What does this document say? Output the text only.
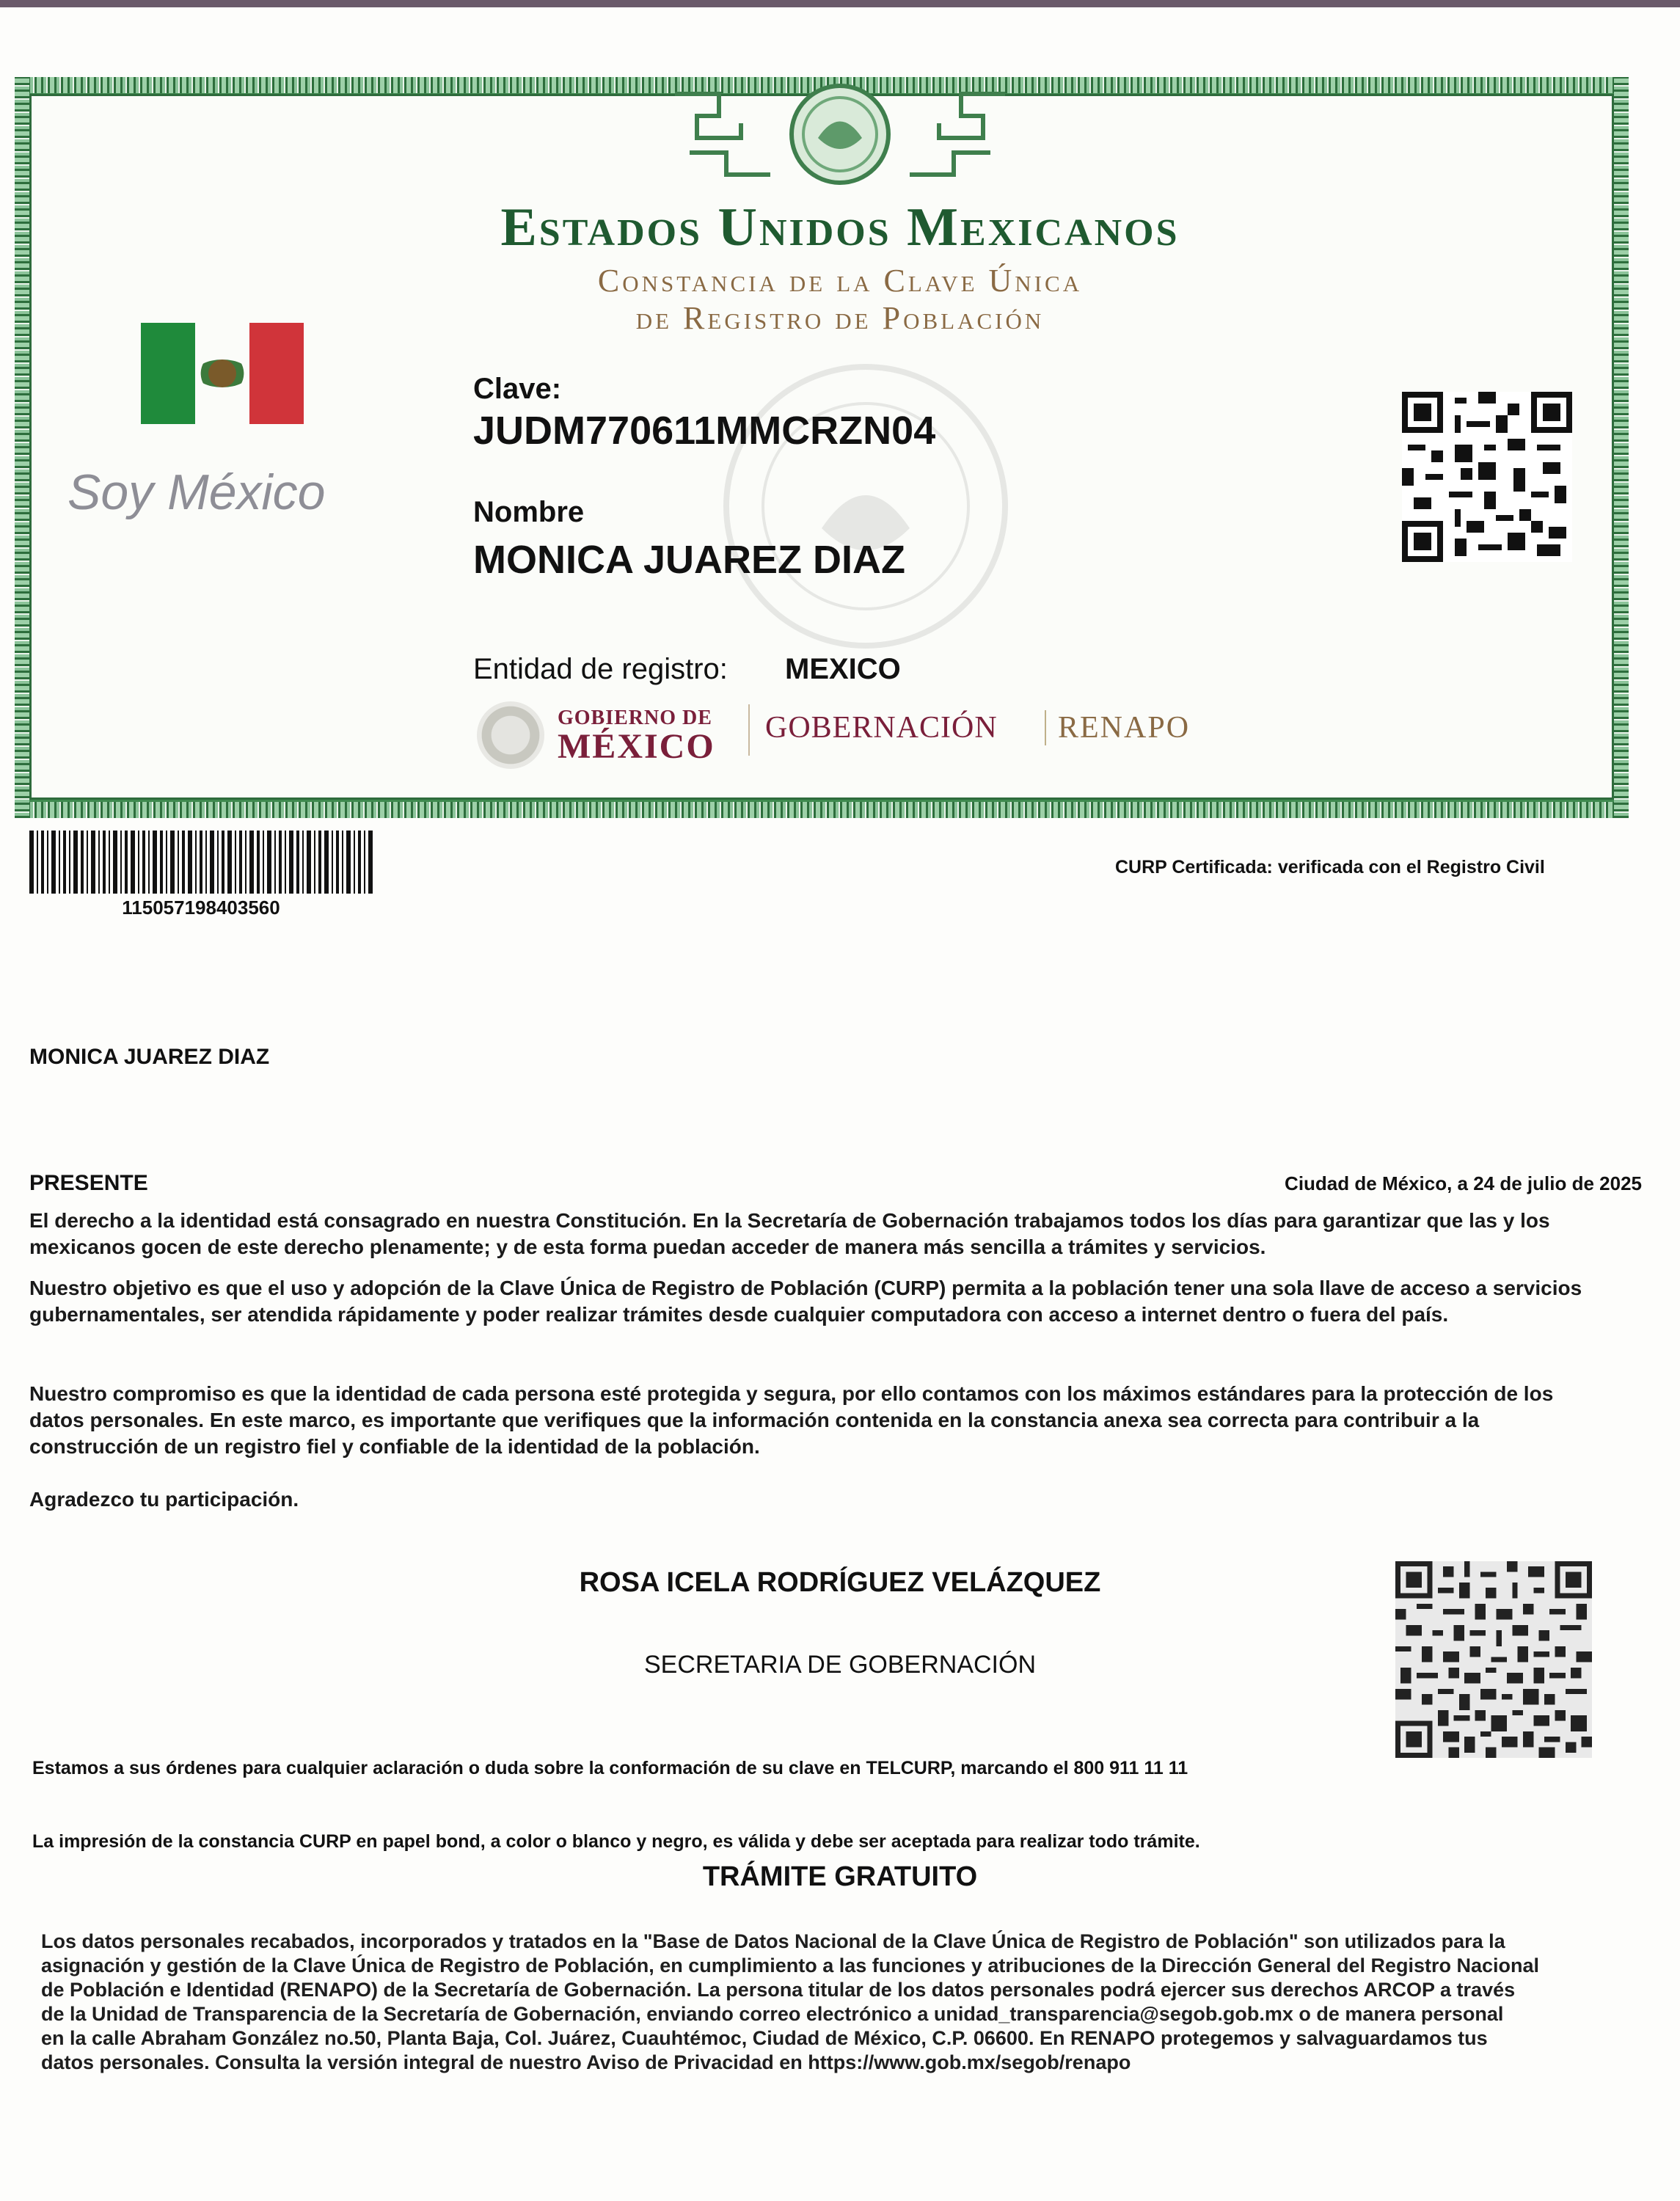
Estados Unidos Mexicanos
Constancia de la Clave Única
de Registro de Población
Soy México
Clave:
JUDM770611MMCRZN04
Nombre
MONICA JUAREZ DIAZ
Entidad de registro: MEXICO
GOBIERNO DE
MÉXICO GOBERNACIÓN	RENAPO
115057198403560
CURP Certificada: verificada con el Registro Civil
MONICA JUAREZ DIAZ
PRESENTE	Ciudad de México, a 24 de julio de 2025
El derecho a la identidad está consagrado en nuestra Constitución. En la Secretaría de Gobernación trabajamos todos los días para garantizar que las y los
mexicanos gocen de este derecho plenamente; y de esta forma puedan acceder de manera más sencilla a trámites y servicios.
Nuestro objetivo es que el uso y adopción de la Clave Única de Registro de Población (CURP) permita a la población tener una sola llave de acceso a servicios
gubernamentales, ser atendida rápidamente y poder realizar trámites desde cualquier computadora con acceso a internet dentro o fuera del país.
Nuestro compromiso es que la identidad de cada persona esté protegida y segura, por ello contamos con los máximos estándares para la protección de los
datos personales. En este marco, es importante que verifiques que la información contenida en la constancia anexa sea correcta para contribuir a la
construcción de un registro fiel y confiable de la identidad de la población.
Agradezco tu participación.
ROSA ICELA RODRÍGUEZ VELÁZQUEZ
SECRETARIA DE GOBERNACIÓN
Estamos a sus órdenes para cualquier aclaración o duda sobre la conformación de su clave en TELCURP, marcando el 800 911 11 11
La impresión de la constancia CURP en papel bond, a color o blanco y negro, es válida y debe ser aceptada para realizar todo trámite.
TRÁMITE GRATUITO
Los datos personales recabados, incorporados y tratados en la "Base de Datos Nacional de la Clave Única de Registro de Población" son utilizados para la
asignación y gestión de la Clave Única de Registro de Población, en cumplimiento a las funciones y atribuciones de la Dirección General del Registro Nacional
de Población e Identidad (RENAPO) de la Secretaría de Gobernación. La persona titular de los datos personales podrá ejercer sus derechos ARCOP a través
de la Unidad de Transparencia de la Secretaría de Gobernación, enviando correo electrónico a unidad_transparencia@segob.gob.mx o de manera personal
en la calle Abraham González no.50, Planta Baja, Col. Juárez, Cuauhtémoc, Ciudad de México, C.P. 06600. En RENAPO protegemos y salvaguardamos tus
datos personales. Consulta la versión integral de nuestro Aviso de Privacidad en https://www.gob.mx/segob/renapo
